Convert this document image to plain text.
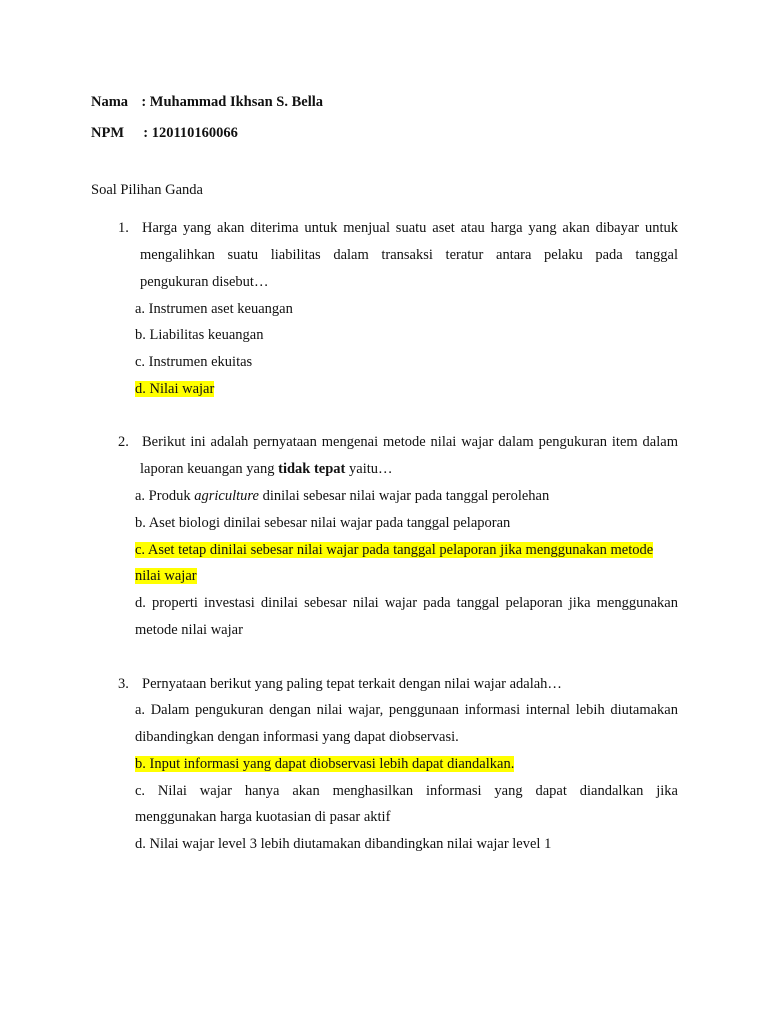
Nama : Muhammad Ikhsan S. Bella
NPM : 120110160066
Soal Pilihan Ganda
1. Harga yang akan diterima untuk menjual suatu aset atau harga yang akan dibayar untuk
mengalihkan suatu liabilitas dalam transaksi teratur antara pelaku pada tanggal
pengukuran disebut…
a. Instrumen aset keuangan
b. Liabilitas keuangan
c. Instrumen ekuitas
d. Nilai wajar
2. Berikut ini adalah pernyataan mengenai metode nilai wajar dalam pengukuran item dalam
laporan keuangan yang tidak tepat yaitu…
a. Produk agriculture dinilai sebesar nilai wajar pada tanggal perolehan
b. Aset biologi dinilai sebesar nilai wajar pada tanggal pelaporan
c. Aset tetap dinilai sebesar nilai wajar pada tanggal pelaporan jika menggunakan metode
nilai wajar
d. properti investasi dinilai sebesar nilai wajar pada tanggal pelaporan jika menggunakan
metode nilai wajar
3. Pernyataan berikut yang paling tepat terkait dengan nilai wajar adalah…
a. Dalam pengukuran dengan nilai wajar, penggunaan informasi internal lebih diutamakan
dibandingkan dengan informasi yang dapat diobservasi.
b. Input informasi yang dapat diobservasi lebih dapat diandalkan.
c. Nilai wajar hanya akan menghasilkan informasi yang dapat diandalkan jika
menggunakan harga kuotasian di pasar aktif
d. Nilai wajar level 3 lebih diutamakan dibandingkan nilai wajar level 1
